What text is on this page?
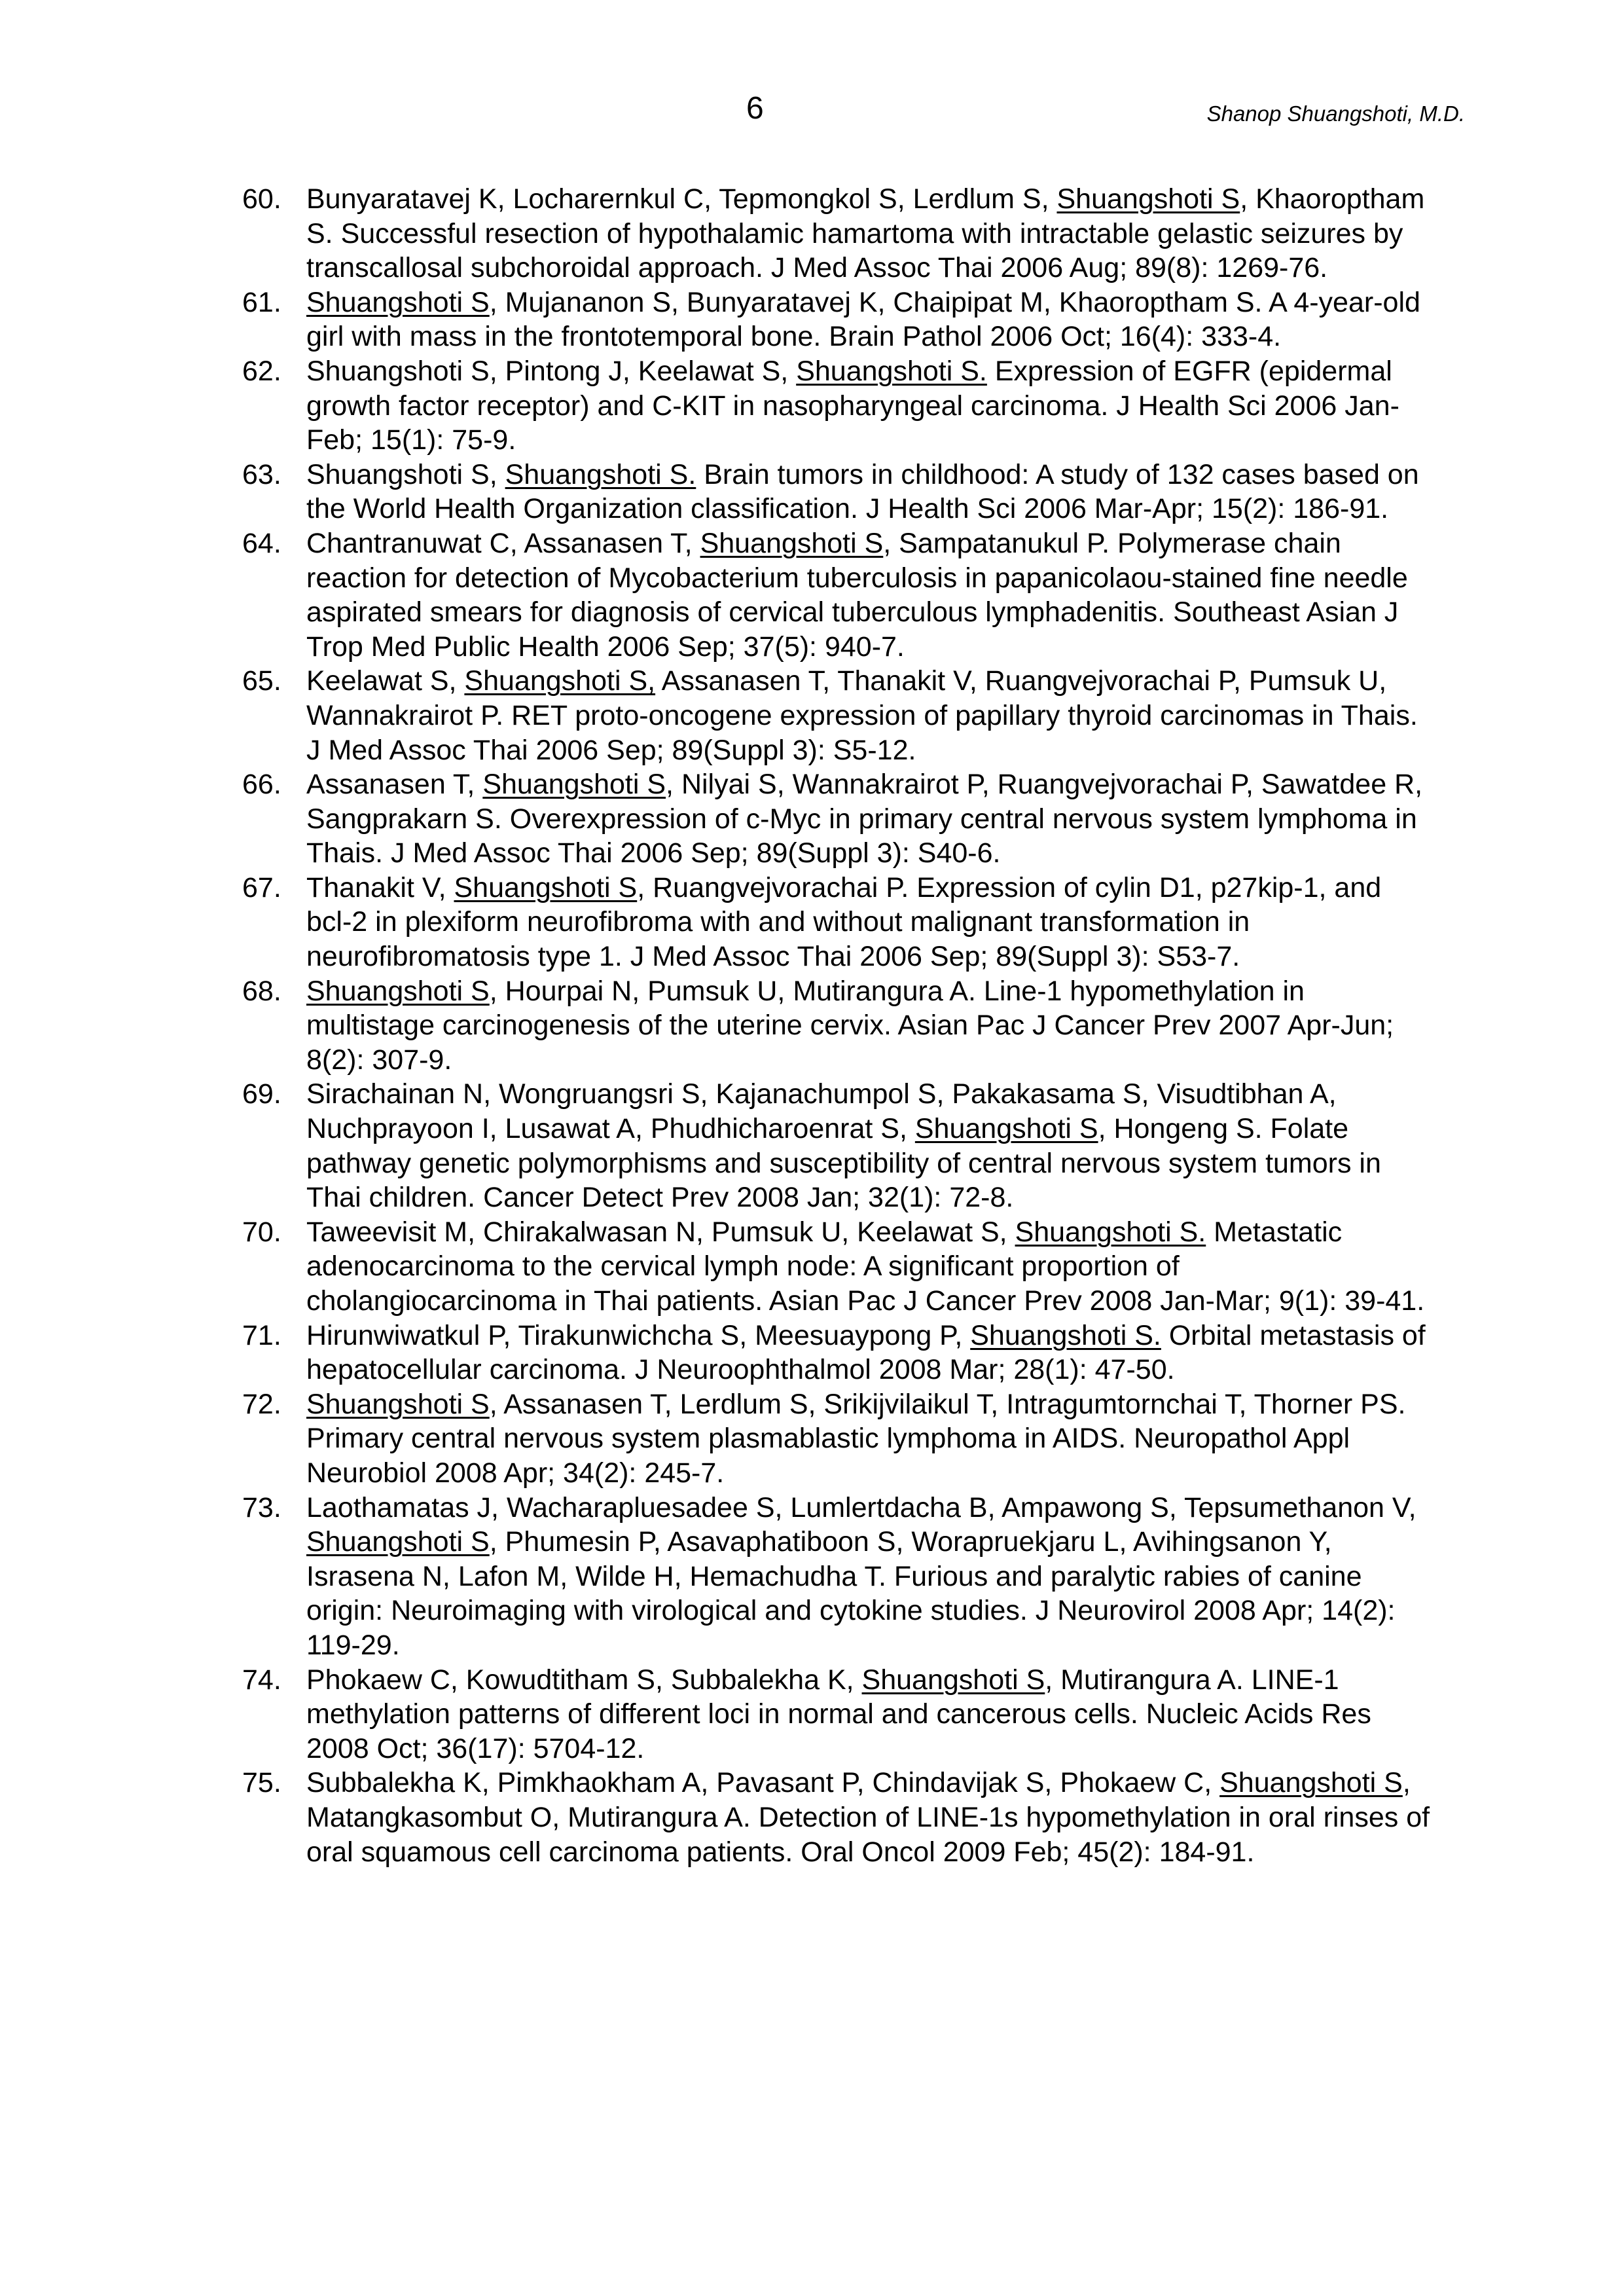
6	Shanop Shuangshoti, M.D.
60. Bunyaratavej K, Locharernkul C, Tepmongkol S, Lerdlum S, Shuangshoti S, Khaoroptham S. Successful resection of hypothalamic hamartoma with intractable gelastic seizures by transcallosal subchoroidal approach. J Med Assoc Thai 2006 Aug; 89(8): 1269-76.
61. Shuangshoti S, Mujananon S, Bunyaratavej K, Chaipipat M, Khaoroptham S. A 4-year-old girl with mass in the frontotemporal bone. Brain Pathol 2006 Oct; 16(4): 333-4.
62. Shuangshoti S, Pintong J, Keelawat S, Shuangshoti S. Expression of EGFR (epidermal growth factor receptor) and C-KIT in nasopharyngeal carcinoma. J Health Sci 2006 Jan-Feb; 15(1): 75-9.
63. Shuangshoti S, Shuangshoti S. Brain tumors in childhood: A study of 132 cases based on the World Health Organization classification. J Health Sci 2006 Mar-Apr; 15(2): 186-91.
64. Chantranuwat C, Assanasen T, Shuangshoti S, Sampatanukul P. Polymerase chain reaction for detection of Mycobacterium tuberculosis in papanicolaou-stained fine needle aspirated smears for diagnosis of cervical tuberculous lymphadenitis. Southeast Asian J Trop Med Public Health 2006 Sep; 37(5): 940-7.
65. Keelawat S, Shuangshoti S, Assanasen T, Thanakit V, Ruangvejvorachai P, Pumsuk U, Wannakrairot P. RET proto-oncogene expression of papillary thyroid carcinomas in Thais. J Med Assoc Thai 2006 Sep; 89(Suppl 3): S5-12.
66. Assanasen T, Shuangshoti S, Nilyai S, Wannakrairot P, Ruangvejvorachai P, Sawatdee R, Sangprakarn S. Overexpression of c-Myc in primary central nervous system lymphoma in Thais. J Med Assoc Thai 2006 Sep; 89(Suppl 3): S40-6.
67. Thanakit V, Shuangshoti S, Ruangvejvorachai P. Expression of cylin D1, p27kip-1, and bcl-2 in plexiform neurofibroma with and without malignant transformation in neurofibromatosis type 1. J Med Assoc Thai 2006 Sep; 89(Suppl 3): S53-7.
68. Shuangshoti S, Hourpai N, Pumsuk U, Mutirangura A. Line-1 hypomethylation in multistage carcinogenesis of the uterine cervix. Asian Pac J Cancer Prev 2007 Apr-Jun; 8(2): 307-9.
69. Sirachainan N, Wongruangsri S, Kajanachumpol S, Pakakasama S, Visudtibhan A, Nuchprayoon I, Lusawat A, Phudhicharoenrat S, Shuangshoti S, Hongeng S. Folate pathway genetic polymorphisms and susceptibility of central nervous system tumors in Thai children. Cancer Detect Prev 2008 Jan; 32(1): 72-8.
70. Taweevisit M, Chirakalwasan N, Pumsuk U, Keelawat S, Shuangshoti S. Metastatic adenocarcinoma to the cervical lymph node: A significant proportion of cholangiocarcinoma in Thai patients. Asian Pac J Cancer Prev 2008 Jan-Mar; 9(1): 39-41.
71. Hirunwiwatkul P, Tirakunwichcha S, Meesuaypong P, Shuangshoti S. Orbital metastasis of hepatocellular carcinoma. J Neuroophthalmol 2008 Mar; 28(1): 47-50.
72. Shuangshoti S, Assanasen T, Lerdlum S, Srikijvilaikul T, Intragumtornchai T, Thorner PS. Primary central nervous system plasmablastic lymphoma in AIDS. Neuropathol Appl Neurobiol 2008 Apr; 34(2): 245-7.
73. Laothamatas J, Wacharapluesadee S, Lumlertdacha B, Ampawong S, Tepsumethanon V, Shuangshoti S, Phumesin P, Asavaphatiboon S, Worapruekjaru L, Avihingsanon Y, Israsena N, Lafon M, Wilde H, Hemachudha T. Furious and paralytic rabies of canine origin: Neuroimaging with virological and cytokine studies. J Neurovirol 2008 Apr; 14(2): 119-29.
74. Phokaew C, Kowudtitham S, Subbalekha K, Shuangshoti S, Mutirangura A. LINE-1 methylation patterns of different loci in normal and cancerous cells. Nucleic Acids Res 2008 Oct; 36(17): 5704-12.
75. Subbalekha K, Pimkhaokham A, Pavasant P, Chindavijak S, Phokaew C, Shuangshoti S, Matangkasombut O, Mutirangura A. Detection of LINE-1s hypomethylation in oral rinses of oral squamous cell carcinoma patients. Oral Oncol 2009 Feb; 45(2): 184-91.
